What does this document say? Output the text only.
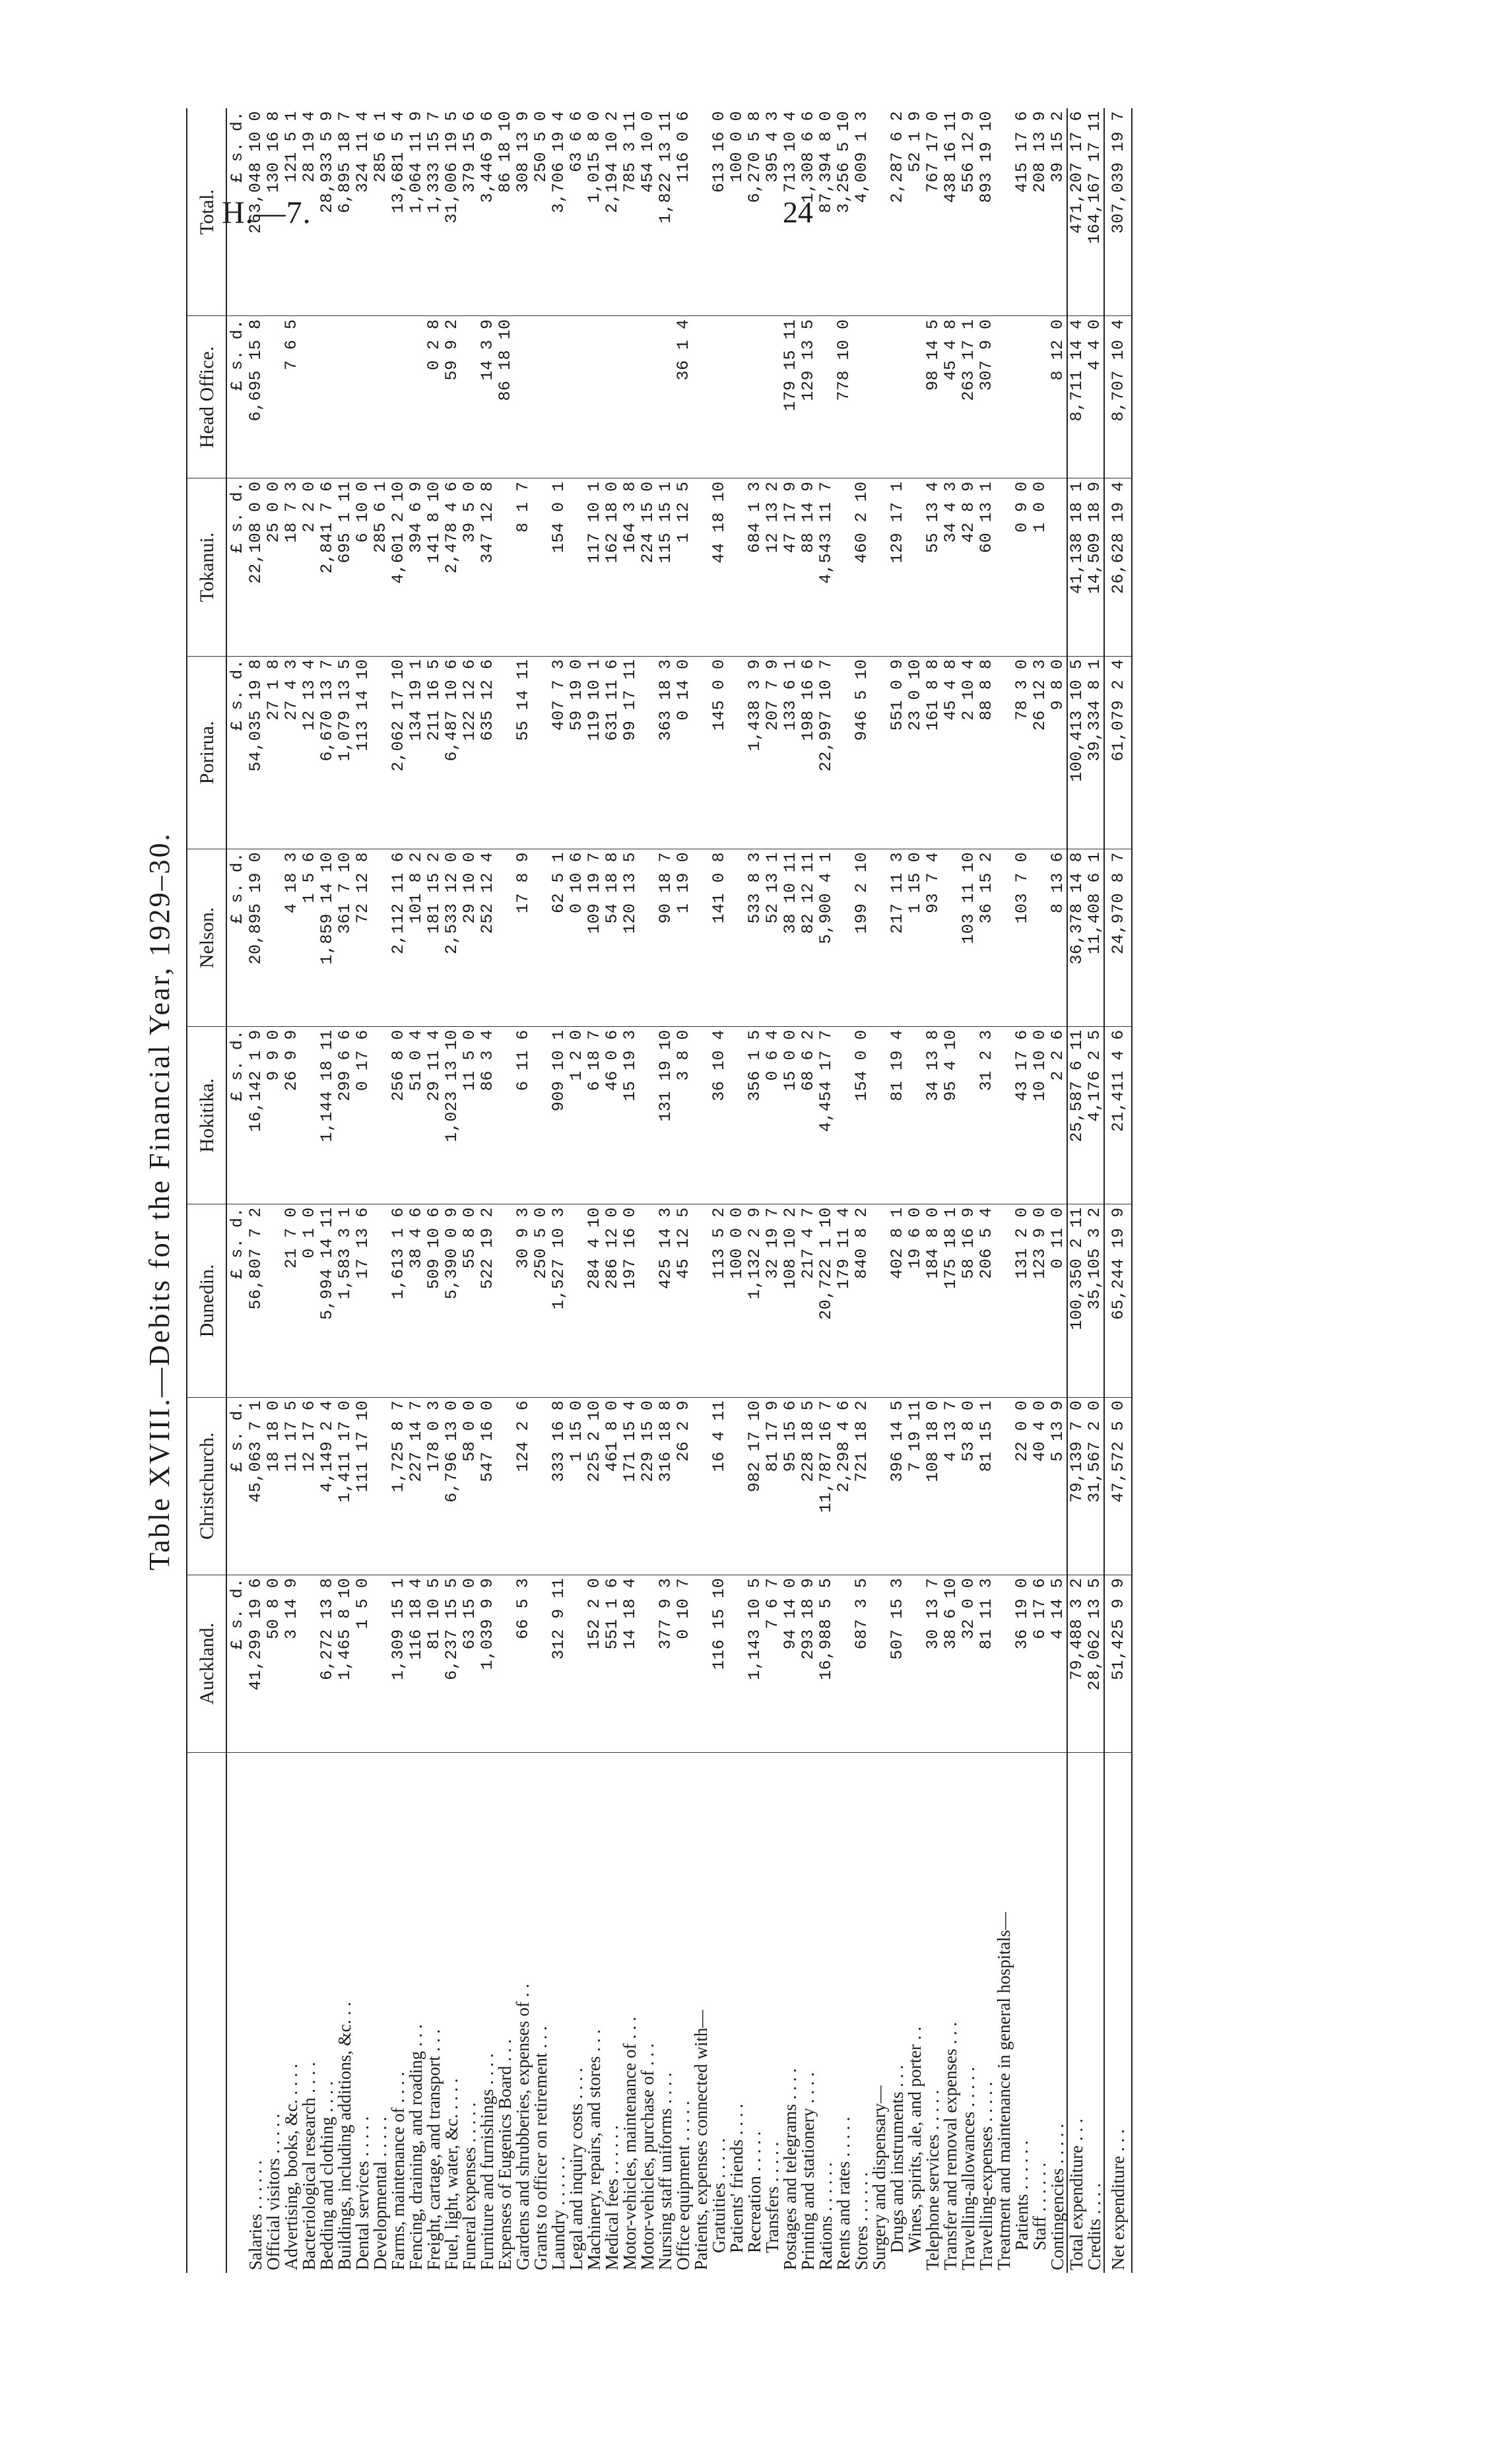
H.—7.	24
Table XVIII.—Debits for the Financial Year, 1929–30.
	Auckland.	Christchurch.	Dunedin.	Hokitika.	Nelson.	Porirua.	Tokanui.	Head Office.	Total.
	£ s. d.	£ s. d.	£ s. d.	£ s. d.	£ s. d.	£ s. d.	£ s. d.	£ s. d.	£ s. d.
Salaries . . . . . .	41,299 19 6	45,063 7 1	56,807 7 2	16,142 1 9	20,895 19 0	54,035 19 8	22,108 0 0	6,695 15 8	263,048 10 0
Official visitors . . . . .	50 8 0	18 18 0		9 9 0		27 1 8	25 0 0		130 16 8
Advertising, books, &c. . . . .	3 14 9	11 17 5	21 7 0	26 9 9	4 18 3	27 4 3	18 7 3	7 6 5	121 5 1
Bacteriological research . . . .		12 17 6	0 1 0		1 5 6	12 13 4	2 2 0		28 19 4
Bedding and clothing . . . .	6,272 13 8	4,149 2 4	5,994 14 11	1,144 18 11	1,859 14 10	6,670 13 7	2,841 7 6		28,933 5 9
Buildings, including additions, &c. . .	1,465 8 10	1,411 17 0	1,583 3 1	299 6 6	361 7 10	1,079 13 5	695 1 11		6,895 18 7
Dental services . . . . .	1 5 0	111 17 10	17 13 6	0 17 6	72 12 8	113 14 10	6 10 0		324 11 4
Developmental . . . . .							285 6 1		285 6 1
Farms, maintenance of . . . .	1,309 15 1	1,725 8 7	1,613 1 6	256 8 0	2,112 11 6	2,062 17 10	4,601 2 10		13,681 5 4
Fencing, draining, and roading . . .	116 18 4	227 14 7	38 4 6	51 0 4	101 8 2	134 19 1	394 6 9		1,064 11 9
Freight, cartage, and transport . . .	81 10 5	178 0 3	509 10 6	29 11 4	181 15 2	211 16 5	141 8 10	0 2 8	1,333 15 7
Fuel, light, water, &c. . . . .	6,237 15 5	6,796 13 0	5,390 0 9	1,023 13 10	2,533 12 0	6,487 10 6	2,478 4 6	59 9 2	31,006 19 5
Funeral expenses . . . . .	63 15 0	58 0 0	55 8 0	11 5 0	29 10 0	122 12 6	39 5 0		379 15 6
Furniture and furnishings . . . .	1,039 9 9	547 16 0	522 19 2	86 3 4	252 12 4	635 12 6	347 12 8	14 3 9	3,446 9 6
Expenses of Eugenics Board . . .								86 18 10	86 18 10
Gardens and shrubberies, expenses of . .	66 5 3	124 2 6	30 9 3	6 11 6	17 8 9	55 14 11	8 1 7		308 13 9
Grants to officer on retirement . . .			250 5 0						250 5 0
Laundry . . . . . .	312 9 11	333 16 8	1,527 10 3	909 10 1	62 5 1	407 7 3	154 0 1		3,706 19 4
Legal and inquiry costs . . . .		1 15 0		1 2 0	0 10 6	59 19 0			63 6 6
Machinery, repairs, and stores . . .	152 2 0	225 2 10	284 4 10	6 18 7	109 19 7	119 10 1	117 10 1		1,015 8 0
Medical fees . . . . . .	551 1 6	461 8 0	286 12 0	46 0 6	54 18 8	631 11 6	162 18 0		2,194 10 2
Motor-vehicles, maintenance of . . .	14 18 4	171 15 4	197 16 0	15 19 3	120 13 5	99 17 11	164 3 8		785 3 11
Motor-vehicles, purchase of . . .		229 15 0					224 15 0		454 10 0
Nursing staff uniforms . . . .	377 9 3	316 18 8	425 14 3	131 19 10	90 18 7	363 18 3	115 15 1		1,822 13 11
Office equipment . . . . .	0 10 7	26 2 9	45 12 5	3 8 0	1 19 0	0 14 0	1 12 5	36 1 4	116 0 6
Patients, expenses connected with—									
Gratuities . . . . .	116 15 10	16 4 11	113 5 2	36 10 4	141 0 8	145 0 0	44 18 10		613 16 0
Patients' friends . . . .			100 0 0						100 0 0
Recreation . . . . .	1,143 10 5	982 17 10	1,132 2 9	356 1 5	533 8 3	1,438 3 9	684 1 3		6,270 5 8
Transfers . . . . .	7 6 7	81 17 9	32 19 7	0 6 4	52 13 1	207 7 9	12 13 2		395 4 3
Postages and telegrams . . . .	94 14 0	95 15 6	108 10 2	15 0 0	38 10 11	133 6 1	47 17 9	179 15 11	713 10 4
Printing and stationery . . . .	293 18 9	228 18 5	217 4 7	68 6 2	82 12 11	198 16 6	88 14 9	129 13 5	1,308 6 6
Rations . . . . . .	16,988 5 5	11,787 16 7	20,722 1 10	4,454 17 7	5,900 4 1	22,997 10 7	4,543 11 7		87,394 8 0
Rents and rates . . . . .		2,298 4 6	179 11 4					778 10 0	3,256 5 10
Stores . . . . . .	687 3 5	721 18 2	840 8 2	154 0 0	199 2 10	946 5 10	460 2 10		4,009 1 3
Surgery and dispensary—									
Drugs and instruments . . .	507 15 3	396 14 5	402 8 1	81 19 4	217 11 3	551 0 9	129 17 1		2,287 6 2
Wines, spirits, ale, and porter . .		7 19 11	19 6 0		1 15 0	23 0 10			52 1 9
Telephone services . . . . .	30 13 7	108 18 0	184 8 0	34 13 8	93 7 4	161 8 8	55 13 4	98 14 5	767 17 0
Transfer and removal expenses . . .	38 6 10	4 13 7	175 18 1	95 4 10		45 4 8	34 4 3	45 4 8	438 16 11
Travelling-allowances . . . . .	32 0 0	53 8 0	58 16 9		103 11 10	2 10 4	42 8 9	263 17 1	556 12 9
Travelling-expenses . . . . .	81 11 3	81 15 1	206 5 4	31 2 3	36 15 2	88 8 8	60 13 1	307 9 0	893 19 10
Treatment and maintenance in general hospitals—									
Patients . . . . . .	36 19 0	22 0 0	131 2 0	43 17 6	103 7 0	78 3 0	0 9 0		415 17 6
Staff . . . . . .	6 17 6	40 4 0	123 9 0	10 10 0		26 12 3	1 0 0		208 13 9
Contingencies . . . . .	4 14 5	5 13 9	0 11 0	2 2 6	8 13 6	9 8 0		8 12 0	39 15 2
Total expenditure . . .	79,488 3 2	79,139 7 0	100,350 2 11	25,587 6 11	36,378 14 8	100,413 10 5	41,138 18 1	8,711 14 4	471,207 17 6
Credits . . . .	28,062 13 5	31,567 2 0	35,105 3 2	4,176 2 5	11,408 6 1	39,334 8 1	14,509 18 9	4 4 0	164,167 17 11
Net expenditure . . .	51,425 9 9	47,572 5 0	65,244 19 9	21,411 4 6	24,970 8 7	61,079 2 4	26,628 19 4	8,707 10 4	307,039 19 7
